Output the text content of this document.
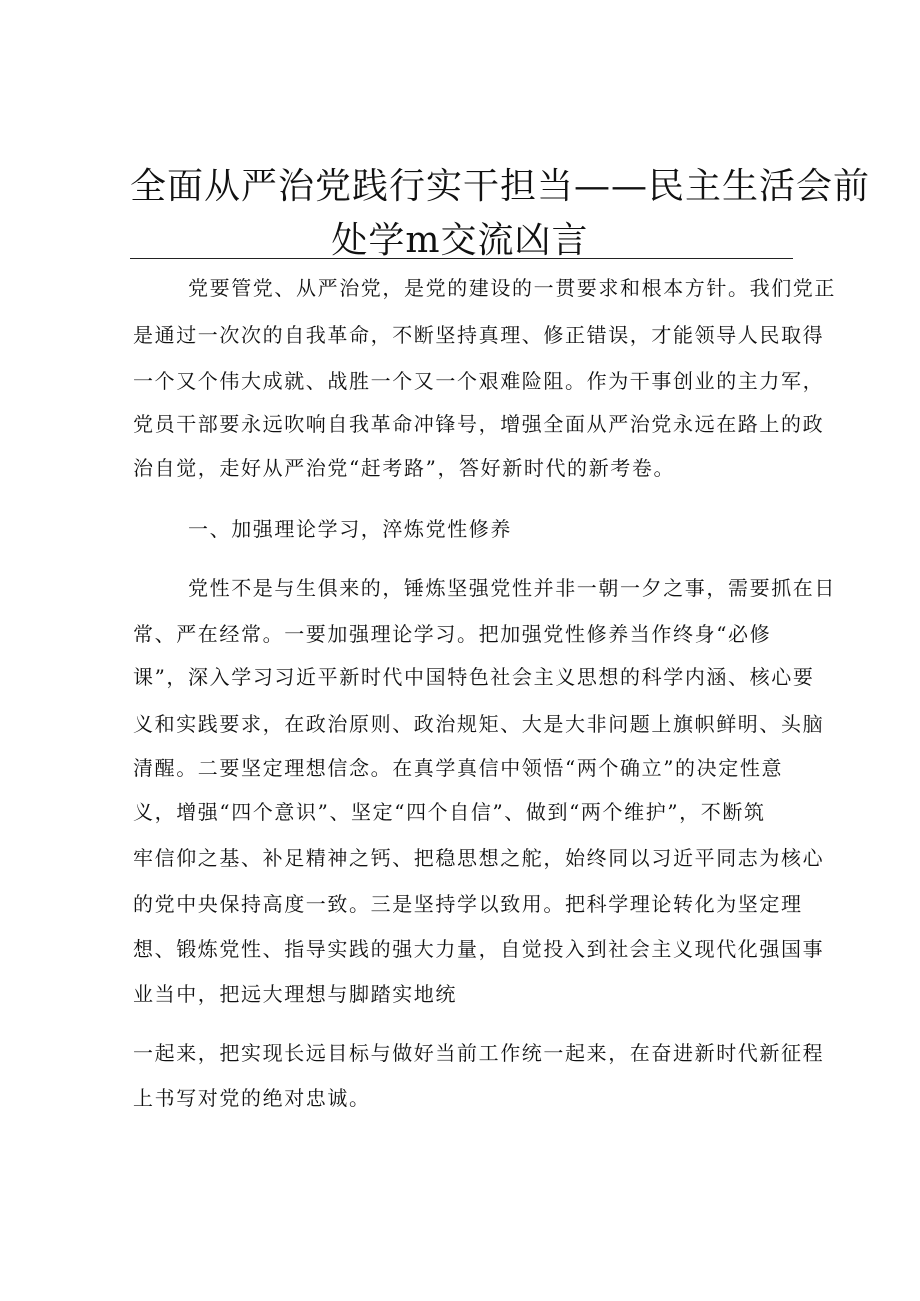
全面从严治党践行实干担当——民主生活会前
处学m交流凶言
党要管党、从严治党，是党的建设的一贯要求和根本方针。我们党正
是通过一次次的自我革命，不断坚持真理、修正错误，才能领导人民取得
一个又个伟大成就、战胜一个又一个艰难险阻。作为干事创业的主力军，
党员干部要永远吹响自我革命冲锋号，增强全面从严治党永远在路上的政
治自觉，走好从严治党“赶考路”，答好新时代的新考卷。
一、加强理论学习，淬炼党性修养
党性不是与生俱来的，锤炼坚强党性并非一朝一夕之事，需要抓在日
常、严在经常。一要加强理论学习。把加强党性修养当作终身“必修
课”，深入学习习近平新时代中国特色社会主义思想的科学内涵、核心要
义和实践要求，在政治原则、政治规矩、大是大非问题上旗帜鲜明、头脑
清醒。二要坚定理想信念。在真学真信中领悟“两个确立”的决定性意
义，增强“四个意识”、坚定“四个自信”、做到“两个维护”，不断筑
牢信仰之基、补足精神之钙、把稳思想之舵，始终同以习近平同志为核心
的党中央保持高度一致。三是坚持学以致用。把科学理论转化为坚定理
想、锻炼党性、指导实践的强大力量，自觉投入到社会主义现代化强国事
业当中，把远大理想与脚踏实地统
一起来，把实现长远目标与做好当前工作统一起来，在奋进新时代新征程
上书写对党的绝对忠诚。
